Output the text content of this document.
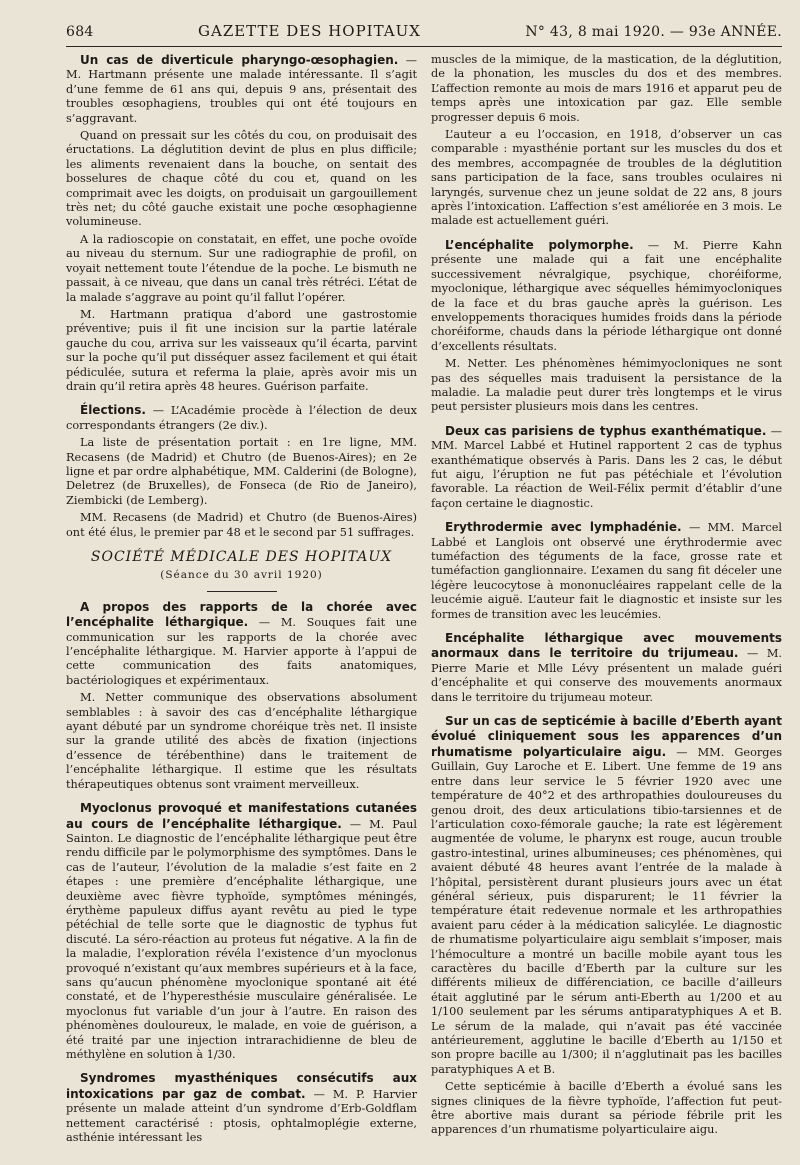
684	GAZETTE DES HOPITAUX	N° 43, 8 mai 1920. — 93e ANNÉE.

Un cas de diverticule pharyngo-œsophagien. — M. Hartmann présente une malade intéressante. Il s’agit d’une femme de 61 ans qui, depuis 9 ans, présentait des troubles œsophagiens, troubles qui ont été toujours en s’aggravant.

Quand on pressait sur les côtés du cou, on produisait des éructations. La déglutition devint de plus en plus difficile; les aliments revenaient dans la bouche, on sentait des bosselures de chaque côté du cou et, quand on les comprimait avec les doigts, on produisait un gargouillement très net; du côté gauche existait une poche œsophagienne volumineuse.

A la radioscopie on constatait, en effet, une poche ovoïde au niveau du sternum. Sur une radiographie de profil, on voyait nettement toute l’étendue de la poche. Le bismuth ne passait, à ce niveau, que dans un canal très rétréci. L’état de la malade s’aggrave au point qu’il fallut l’opérer.

M. Hartmann pratiqua d’abord une gastrostomie préventive; puis il fit une incision sur la partie latérale gauche du cou, arriva sur les vaisseaux qu’il écarta, parvint sur la poche qu’il put disséquer assez facilement et qui était pédiculée, sutura et referma la plaie, après avoir mis un drain qu’il retira après 48 heures. Guérison parfaite.

Élections. — L’Académie procède à l’élection de deux correspondants étrangers (2e div.).

La liste de présentation portait : en 1re ligne, MM. Recasens (de Madrid) et Chutro (de Buenos-Aires); en 2e ligne et par ordre alphabétique, MM. Calderini (de Bologne), Deletrez (de Bruxelles), de Fonseca (de Rio de Janeiro), Ziembicki (de Lemberg).

MM. Recasens (de Madrid) et Chutro (de Buenos-Aires) ont été élus, le premier par 48 et le second par 51 suffrages.

SOCIÉTÉ MÉDICALE DES HOPITAUX
(Séance du 30 avril 1920)

A propos des rapports de la chorée avec l’encéphalite léthargique. — M. Souques fait une communication sur les rapports de la chorée avec l’encéphalite léthargique. M. Harvier apporte à l’appui de cette communication des faits anatomiques, bactériologiques et expérimentaux.

M. Netter communique des observations absolument semblables : à savoir des cas d’encéphalite léthargique ayant débuté par un syndrome choréique très net. Il insiste sur la grande utilité des abcès de fixation (injections d’essence de térébenthine) dans le traitement de l’encéphalite léthargique. Il estime que les résultats thérapeutiques obtenus sont vraiment merveilleux.

Myoclonus provoqué et manifestations cutanées au cours de l’encéphalite léthargique. — M. Paul Sainton. Le diagnostic de l’encéphalite léthargique peut être rendu difficile par le polymorphisme des symptômes. Dans le cas de l’auteur, l’évolution de la maladie s’est faite en 2 étapes : une première d’encéphalite léthargique, une deuxième avec fièvre typhoïde, symptômes méningés, érythème papuleux diffus ayant revêtu au pied le type pétéchial de telle sorte que le diagnostic de typhus fut discuté. La séro-réaction au proteus fut négative. A la fin de la maladie, l’exploration révéla l’existence d’un myoclonus provoqué n’existant qu’aux membres supérieurs et à la face, sans qu’aucun phénomène myoclonique spontané ait été constaté, et de l’hyperesthésie musculaire généralisée. Le myoclonus fut variable d’un jour à l’autre. En raison des phénomènes douloureux, le malade, en voie de guérison, a été traité par une injection intrarachidienne de bleu de méthylène en solution à 1/30.

Syndromes myasthéniques consécutifs aux intoxications par gaz de combat. — M. P. Harvier présente un malade atteint d’un syndrome d’Erb-Goldflam nettement caractérisé : ptosis, ophtalmoplégie externe, asthénie intéressant les

muscles de la mimique, de la mastication, de la déglutition, de la phonation, les muscles du dos et des membres. L’affection remonte au mois de mars 1916 et apparut peu de temps après une intoxication par gaz. Elle semble progresser depuis 6 mois.

L’auteur a eu l’occasion, en 1918, d’observer un cas comparable : myasthénie portant sur les muscles du dos et des membres, accompagnée de troubles de la déglutition sans participation de la face, sans troubles oculaires ni laryngés, survenue chez un jeune soldat de 22 ans, 8 jours après l’intoxication. L’affection s’est améliorée en 3 mois. Le malade est actuellement guéri.

L’encéphalite polymorphe. — M. Pierre Kahn présente une malade qui a fait une encéphalite successivement névralgique, psychique, choréiforme, myoclonique, léthargique avec séquelles hémimyocloniques de la face et du bras gauche après la guérison. Les enveloppements thoraciques humides froids dans la période choréiforme, chauds dans la période léthargique ont donné d’excellents résultats.

M. Netter. Les phénomènes hémimyocloniques ne sont pas des séquelles mais traduisent la persistance de la maladie. La maladie peut durer très longtemps et le virus peut persister plusieurs mois dans les centres.

Deux cas parisiens de typhus exanthématique. — MM. Marcel Labbé et Hutinel rapportent 2 cas de typhus exanthématique observés à Paris. Dans les 2 cas, le début fut aigu, l’éruption ne fut pas pétéchiale et l’évolution favorable. La réaction de Weil-Félix permit d’établir d’une façon certaine le diagnostic.

Erythrodermie avec lymphadénie. — MM. Marcel Labbé et Langlois ont observé une érythrodermie avec tuméfaction des téguments de la face, grosse rate et tuméfaction ganglionnaire. L’examen du sang fit déceler une légère leucocytose à mononucléaires rappelant celle de la leucémie aiguë. L’auteur fait le diagnostic et insiste sur les formes de transition avec les leucémies.

Encéphalite léthargique avec mouvements anormaux dans le territoire du trijumeau. — M. Pierre Marie et Mlle Lévy présentent un malade guéri d’encéphalite et qui conserve des mouvements anormaux dans le territoire du trijumeau moteur.

Sur un cas de septicémie à bacille d’Eberth ayant évolué cliniquement sous les apparences d’un rhumatisme polyarticulaire aigu. — MM. Georges Guillain, Guy Laroche et E. Libert. Une femme de 19 ans entre dans leur service le 5 février 1920 avec une température de 40°2 et des arthropathies douloureuses du genou droit, des deux articulations tibio-tarsiennes et de l’articulation coxo-fémorale gauche; la rate est légèrement augmentée de volume, le pharynx est rouge, aucun trouble gastro-intestinal, urines albumineuses; ces phénomènes, qui avaient débuté 48 heures avant l’entrée de la malade à l’hôpital, persistèrent durant plusieurs jours avec un état général sérieux, puis disparurent; le 11 février la température était redevenue normale et les arthropathies avaient paru céder à la médication salicylée. Le diagnostic de rhumatisme polyarticulaire aigu semblait s’imposer, mais l’hémoculture a montré un bacille mobile ayant tous les caractères du bacille d’Eberth par la culture sur les différents milieux de différenciation, ce bacille d’ailleurs était agglutiné par le sérum anti-Eberth au 1/200 et au 1/100 seulement par les sérums antiparatyphiques A et B. Le sérum de la malade, qui n’avait pas été vaccinée antérieurement, agglutine le bacille d’Eberth au 1/150 et son propre bacille au 1/300; il n’agglutinait pas les bacilles paratyphiques A et B.

Cette septicémie à bacille d’Eberth a évolué sans les signes cliniques de la fièvre typhoïde, l’affection fut peut-être abortive mais durant sa période fébrile prit les apparences d’un rhumatisme polyarticulaire aigu.
